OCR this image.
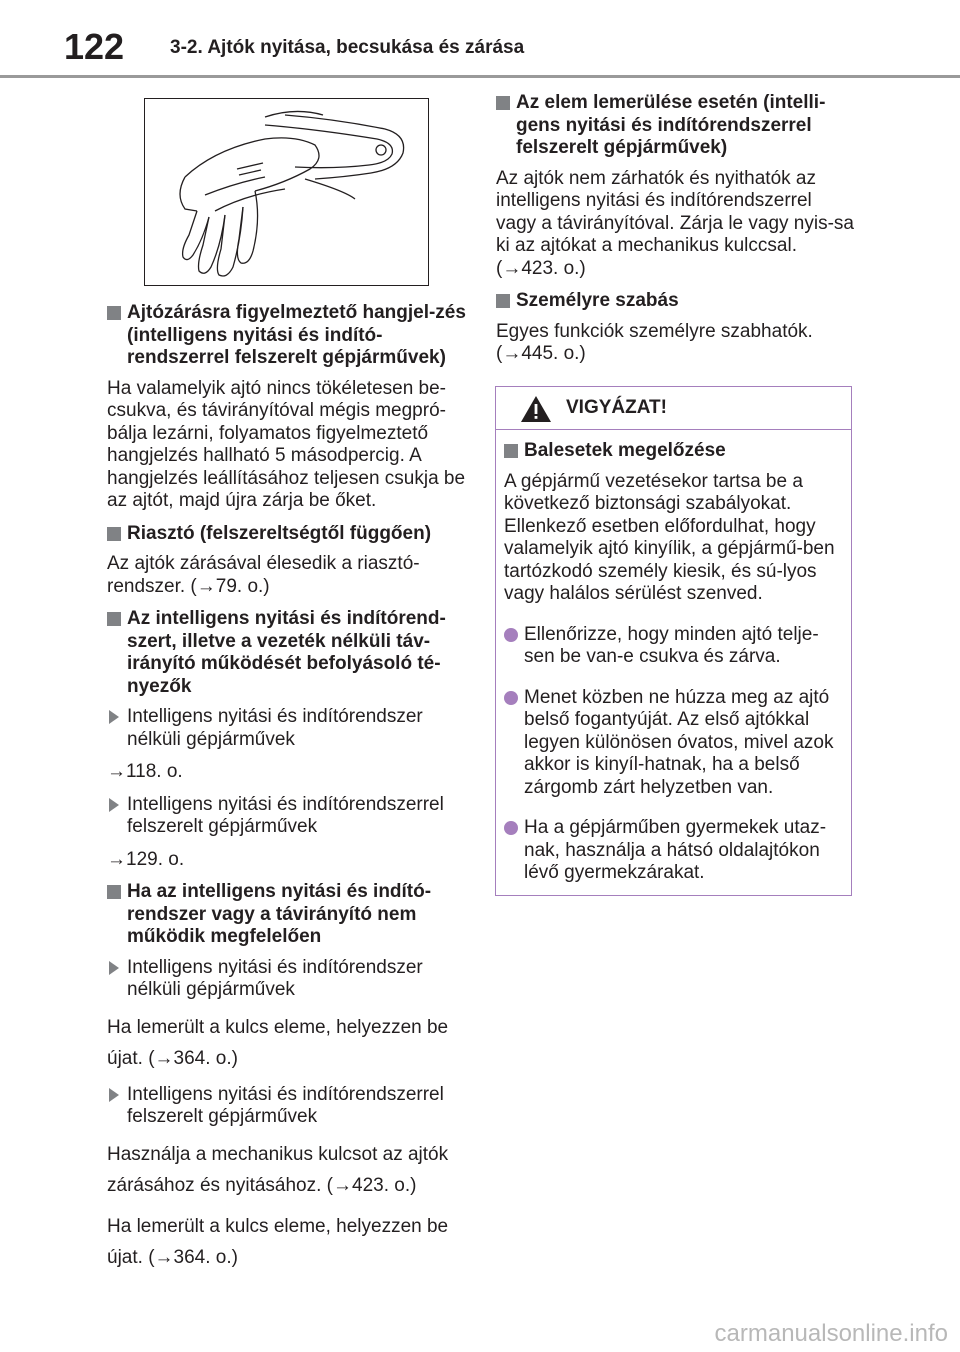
122 3-2. Ajtók nyitása, becsukása és zárása
Ajtózárásra figyelmeztető hangjel-zés (intelligens nyitási és indító-rendszerrel felszerelt gépjárművek)
Ha valamelyik ajtó nincs tökéletesen be-csukva, és távirányítóval mégis megpró-bálja lezárni, folyamatos figyelmeztető hangjelzés hallható 5 másodpercig. A hangjelzés leállításához teljesen csukja be az ajtót, majd újra zárja be őket.
Riasztó (felszereltségtől függően)
Az ajtók zárásával élesedik a riasztó-rendszer. (→79. o.)
Az intelligens nyitási és indítórend-szert, illetve a vezeték nélküli táv-irányító működését befolyásoló té-nyezők
Intelligens nyitási és indítórendszer nélküli gépjárművek
→118. o.
Intelligens nyitási és indítórendszerrel felszerelt gépjárművek
→129. o.
Ha az intelligens nyitási és indító-rendszer vagy a távirányító nem működik megfelelően
Intelligens nyitási és indítórendszer nélküli gépjárművek
Ha lemerült a kulcs eleme, helyezzen be újat. (→364. o.)
Intelligens nyitási és indítórendszerrel felszerelt gépjárművek
Használja a mechanikus kulcsot az ajtók zárásához és nyitásához. (→423. o.)
Ha lemerült a kulcs eleme, helyezzen be újat. (→364. o.)
Az elem lemerülése esetén (intelli-gens nyitási és indítórendszerrel felszerelt gépjárművek)
Az ajtók nem zárhatók és nyithatók az intelligens nyitási és indítórendszerrel vagy a távirányítóval. Zárja le vagy nyis-sa ki az ajtókat a mechanikus kulccsal. (→423. o.)
Személyre szabás
Egyes funkciók személyre szabhatók. (→445. o.)
VIGYÁZAT!
Balesetek megelőzése
A gépjármű vezetésekor tartsa be a következő biztonsági szabályokat. Ellenkező esetben előfordulhat, hogy valamelyik ajtó kinyílik, a gépjármű-ben tartózkodó személy kiesik, és sú-lyos vagy halálos sérülést szenved.
Ellenőrizze, hogy minden ajtó telje-sen be van-e csukva és zárva.
Menet közben ne húzza meg az ajtó belső fogantyúját. Az első ajtókkal legyen különösen óvatos, mivel azok akkor is kinyíl-hatnak, ha a belső zárgomb zárt helyzetben van.
Ha a gépjárműben gyermekek utaz-nak, használja a hátsó oldalajtókon lévő gyermekzárakat.
carmanualsonline.info
